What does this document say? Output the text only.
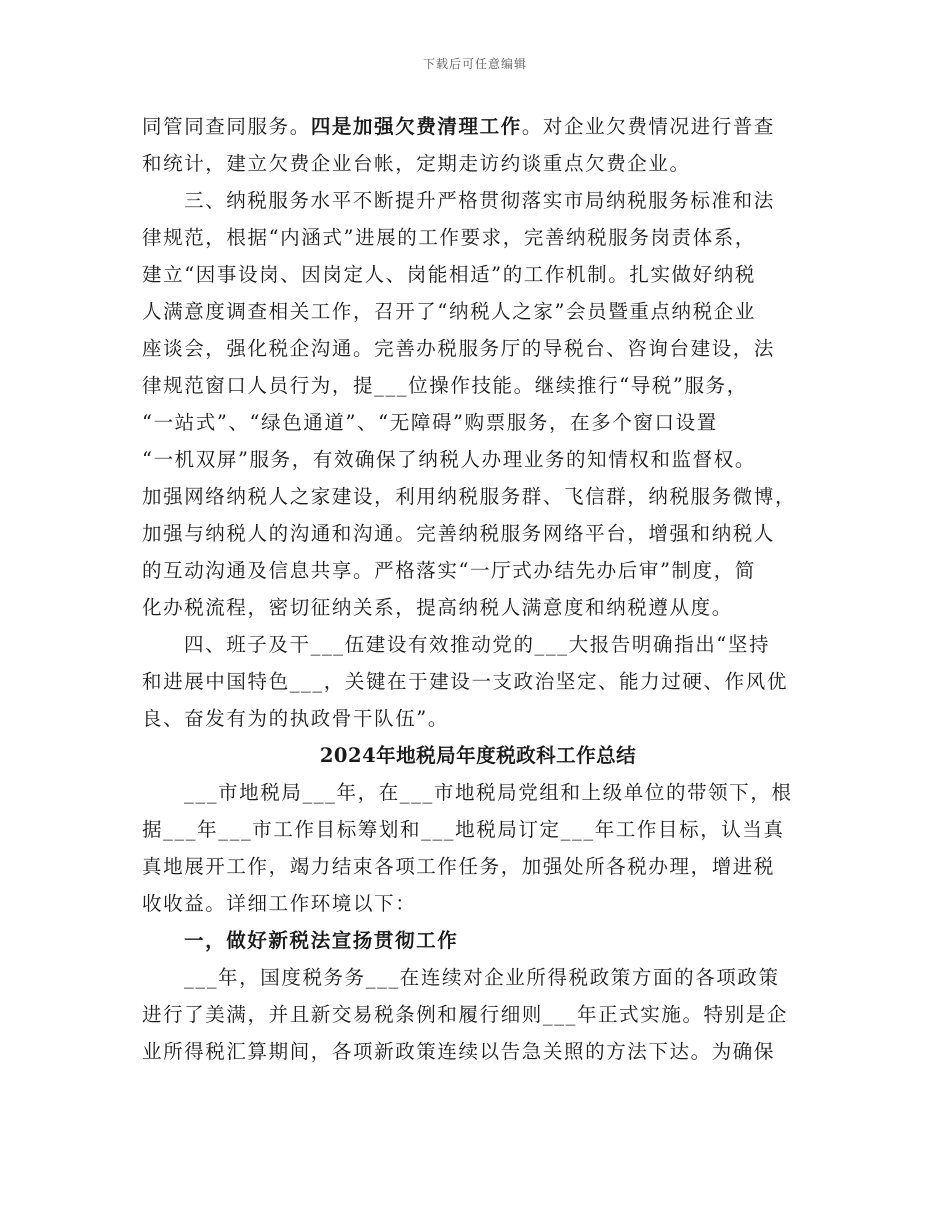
下载后可任意编辑
同管同查同服务。四是加强欠费清理工作。对企业欠费情况进行普查
和统计，建立欠费企业台帐，定期走访约谈重点欠费企业。
三、纳税服务水平不断提升严格贯彻落实市局纳税服务标准和法
律规范，根据“内涵式”进展的工作要求，完善纳税服务岗责体系，
建立“因事设岗、因岗定人、岗能相适”的工作机制。扎实做好纳税
人满意度调查相关工作，召开了“纳税人之家”会员暨重点纳税企业
座谈会，强化税企沟通。完善办税服务厅的导税台、咨询台建设，法
律规范窗口人员行为，提___位操作技能。继续推行“导税”服务，
“一站式”、“绿色通道”、“无障碍”购票服务，在多个窗口设置
“一机双屏”服务，有效确保了纳税人办理业务的知情权和监督权。
加强网络纳税人之家建设，利用纳税服务群、飞信群，纳税服务微博，
加强与纳税人的沟通和沟通。完善纳税服务网络平台，增强和纳税人
的互动沟通及信息共享。严格落实“一厅式办结先办后审”制度，简
化办税流程，密切征纳关系，提高纳税人满意度和纳税遵从度。
四、班子及干___伍建设有效推动党的___大报告明确指出“坚持
和进展中国特色___，关键在于建设一支政治坚定、能力过硬、作风优
良、奋发有为的执政骨干队伍”。
2024年地税局年度税政科工作总结
___市地税局___年，在___市地税局党组和上级单位的带领下，根
据___年___市工作目标筹划和___地税局订定___年工作目标，认当真
真地展开工作，竭力结束各项工作任务，加强处所各税办理，增进税
收收益。详细工作环境以下：
一，做好新税法宣扬贯彻工作
___年，国度税务务___在连续对企业所得税政策方面的各项政策
进行了美满，并且新交易税条例和履行细则___年正式实施。特别是企
业所得税汇算期间，各项新政策连续以告急关照的方法下达。为确保
